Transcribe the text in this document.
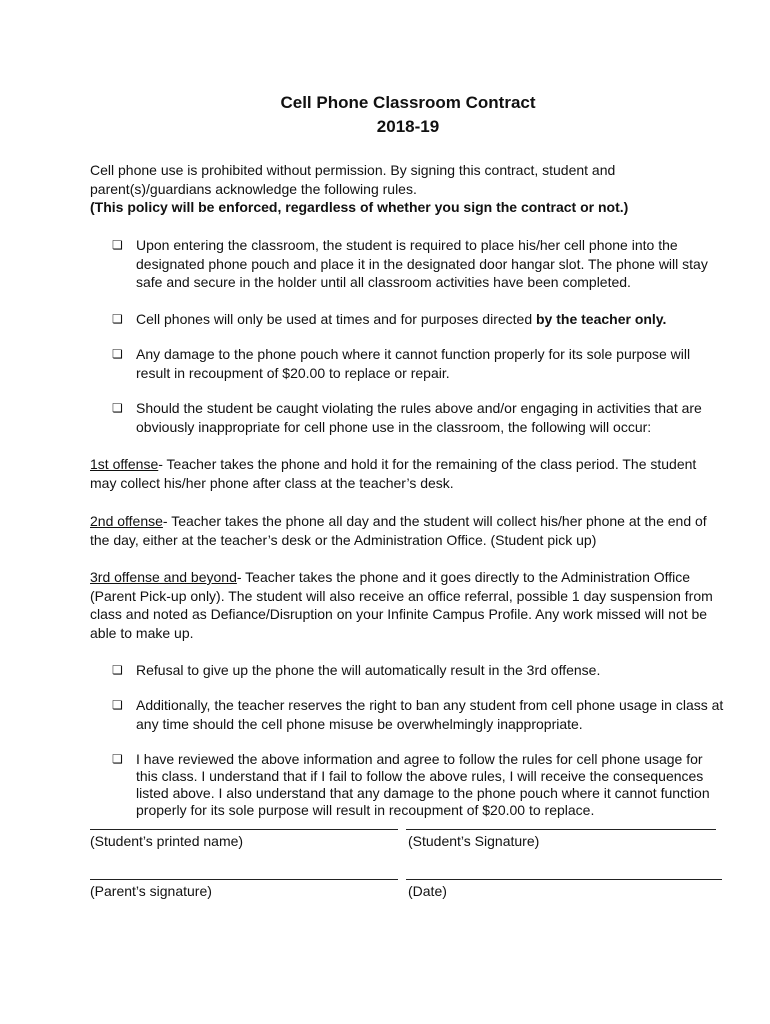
Cell Phone Classroom Contract
2018-19
Cell phone use is prohibited without permission. By signing this contract, student and
parent(s)/guardians acknowledge the following rules.
(This policy will be enforced, regardless of whether you sign the contract or not.)
❏ Upon entering the classroom, the student is required to place his/her cell phone into the designated phone pouch and place it in the designated door hangar slot. The phone will stay safe and secure in the holder until all classroom activities have been completed.
❏ Cell phones will only be used at times and for purposes directed by the teacher only.
❏ Any damage to the phone pouch where it cannot function properly for its sole purpose will result in recoupment of $20.00 to replace or repair.
❏ Should the student be caught violating the rules above and/or engaging in activities that are obviously inappropriate for cell phone use in the classroom, the following will occur:
1st offense- Teacher takes the phone and hold it for the remaining of the class period. The student may collect his/her phone after class at the teacher’s desk.
2nd offense- Teacher takes the phone all day and the student will collect his/her phone at the end of the day, either at the teacher’s desk or the Administration Office. (Student pick up)
3rd offense and beyond- Teacher takes the phone and it goes directly to the Administration Office (Parent Pick-up only). The student will also receive an office referral, possible 1 day suspension from class and noted as Defiance/Disruption on your Infinite Campus Profile. Any work missed will not be able to make up.
❏ Refusal to give up the phone the will automatically result in the 3rd offense.
❏ Additionally, the teacher reserves the right to ban any student from cell phone usage in class at any time should the cell phone misuse be overwhelmingly inappropriate.
❏ I have reviewed the above information and agree to follow the rules for cell phone usage for this class. I understand that if I fail to follow the above rules, I will receive the consequences listed above. I also understand that any damage to the phone pouch where it cannot function properly for its sole purpose will result in recoupment of $20.00 to replace.
(Student’s printed name)	(Student’s Signature)
(Parent’s signature)	(Date)
